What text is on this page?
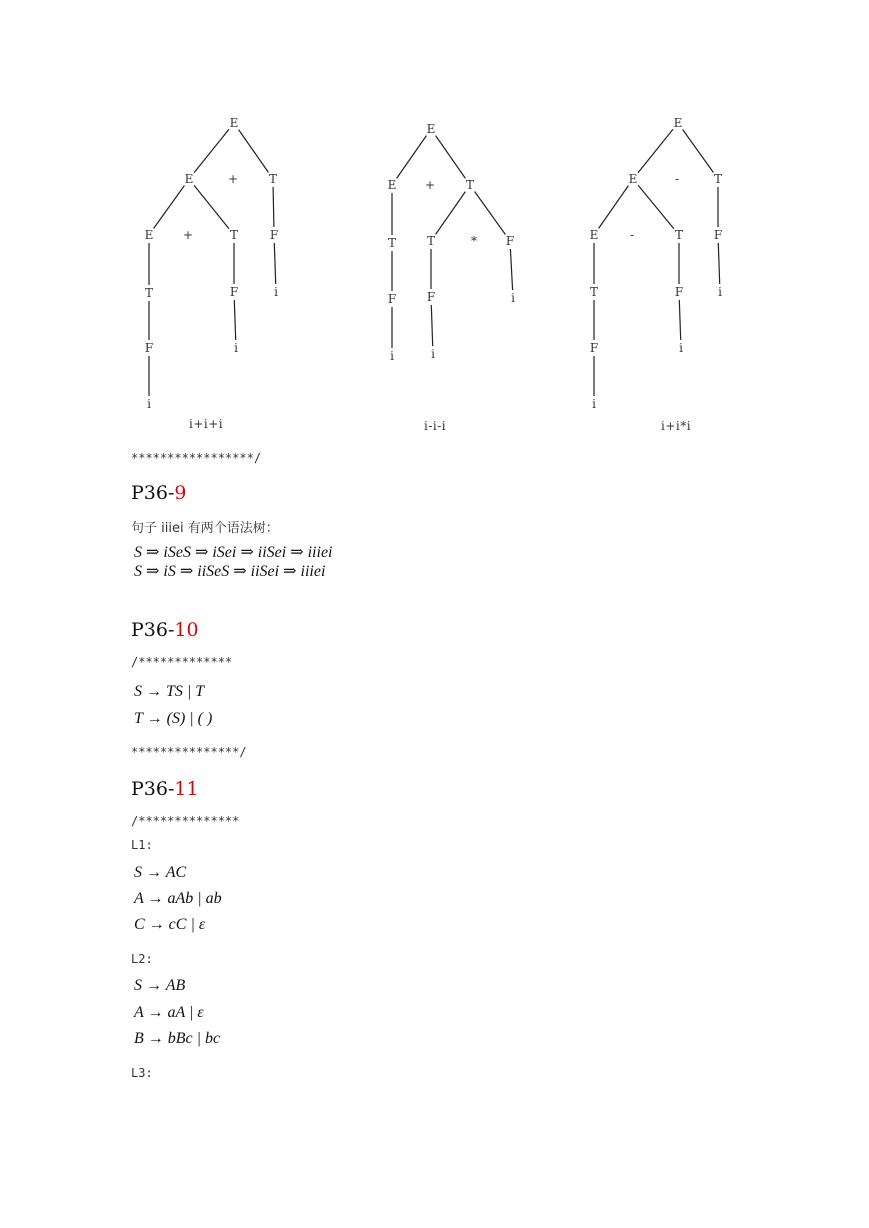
E
E	+	T
E +	T	F
T	F	i
F	i
i
E
E +	T
T	T	* F
F	F	i
i	i
E
E	-	T
E	-	T	F
T	F	i
F	i
i
i+i+i	i-i-i	i+i*i
*****************/
P36-9
句子 iiiei 有两个语法树：
S ⇒ iSeS ⇒ iSei ⇒ iiSei ⇒ iiiei
S ⇒ iS ⇒ iiSeS ⇒ iiSei ⇒ iiiei
P36-10
/*************
S → TS | T
T → (S) | ( )
***************/
P36-11
/**************
L1:
S → AC
A → aAb | ab
C → cC | ε
L2:
S → AB
A → aA | ε
B → bBc | bc
L3:
